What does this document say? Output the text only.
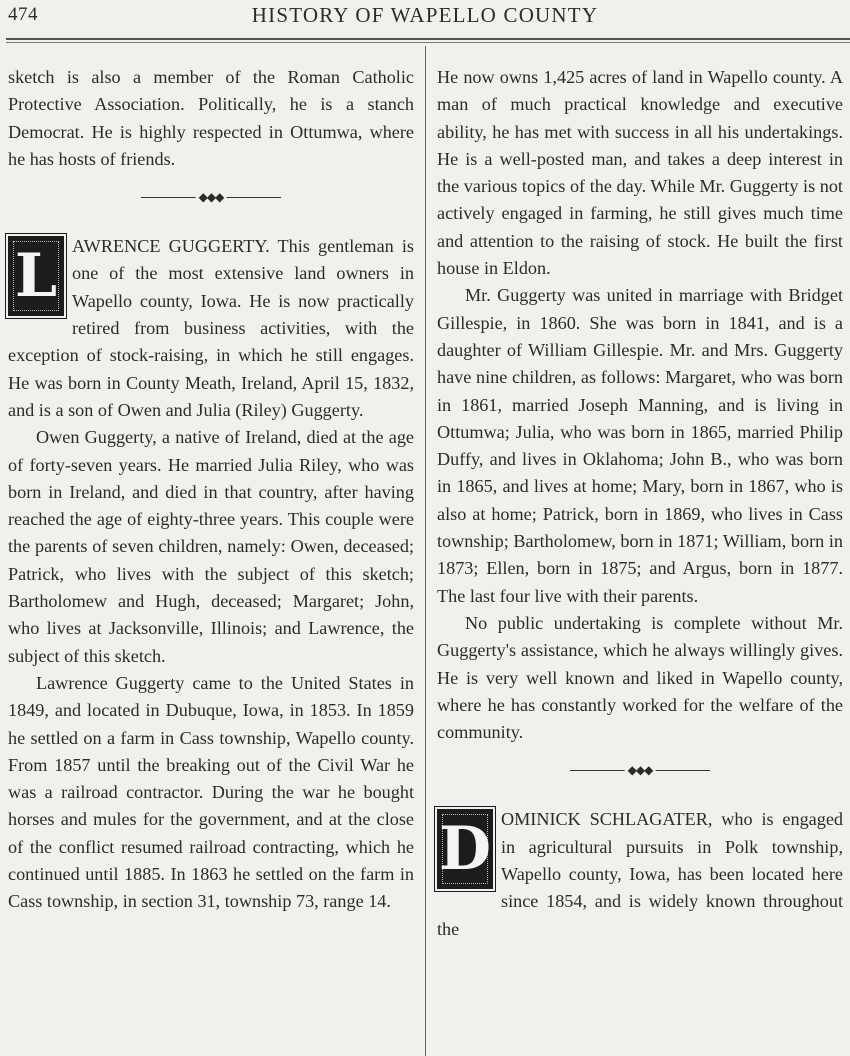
474	HISTORY OF WAPELLO COUNTY

sketch is also a member of the Roman Catholic Protective Association. Politically, he is a stanch Democrat. He is highly respected in Ottumwa, where he has hosts of friends.

◆◆◆
L AWRENCE GUGGERTY. This gentleman is one of the most extensive land owners in Wapello county, Iowa. He is now practically retired from business activities, with the exception of stock-raising, in which he still engages. He was born in County Meath, Ireland, April 15, 1832, and is a son of Owen and Julia (Riley) Guggerty.

Owen Guggerty, a native of Ireland, died at the age of forty-seven years. He married Julia Riley, who was born in Ireland, and died in that country, after having reached the age of eighty-three years. This couple were the parents of seven children, namely: Owen, deceased; Patrick, who lives with the subject of this sketch; Bartholomew and Hugh, deceased; Margaret; John, who lives at Jacksonville, Illinois; and Lawrence, the subject of this sketch.

Lawrence Guggerty came to the United States in 1849, and located in Dubuque, Iowa, in 1853. In 1859 he settled on a farm in Cass township, Wapello county. From 1857 until the breaking out of the Civil War he was a railroad contractor. During the war he bought horses and mules for the government, and at the close of the conflict resumed railroad contracting, which he continued until 1885. In 1863 he settled on the farm in Cass township, in section 31, township 73, range 14.

He now owns 1,425 acres of land in Wapello county. A man of much practical knowledge and executive ability, he has met with success in all his undertakings. He is a well-posted man, and takes a deep interest in the various topics of the day. While Mr. Guggerty is not actively engaged in farming, he still gives much time and attention to the raising of stock. He built the first house in Eldon.

Mr. Guggerty was united in marriage with Bridget Gillespie, in 1860. She was born in 1841, and is a daughter of William Gillespie. Mr. and Mrs. Guggerty have nine children, as follows: Margaret, who was born in 1861, married Joseph Manning, and is living in Ottumwa; Julia, who was born in 1865, married Philip Duffy, and lives in Oklahoma; John B., who was born in 1865, and lives at home; Mary, born in 1867, who is also at home; Patrick, born in 1869, who lives in Cass township; Bartholomew, born in 1871; William, born in 1873; Ellen, born in 1875; and Argus, born in 1877. The last four live with their parents.

No public undertaking is complete without Mr. Guggerty's assistance, which he always willingly gives. He is very well known and liked in Wapello county, where he has constantly worked for the welfare of the community.

◆◆◆
D OMINICK SCHLAGATER, who is engaged in agricultural pursuits in Polk township, Wapello county, Iowa, has been located here since 1854, and is widely known throughout the
